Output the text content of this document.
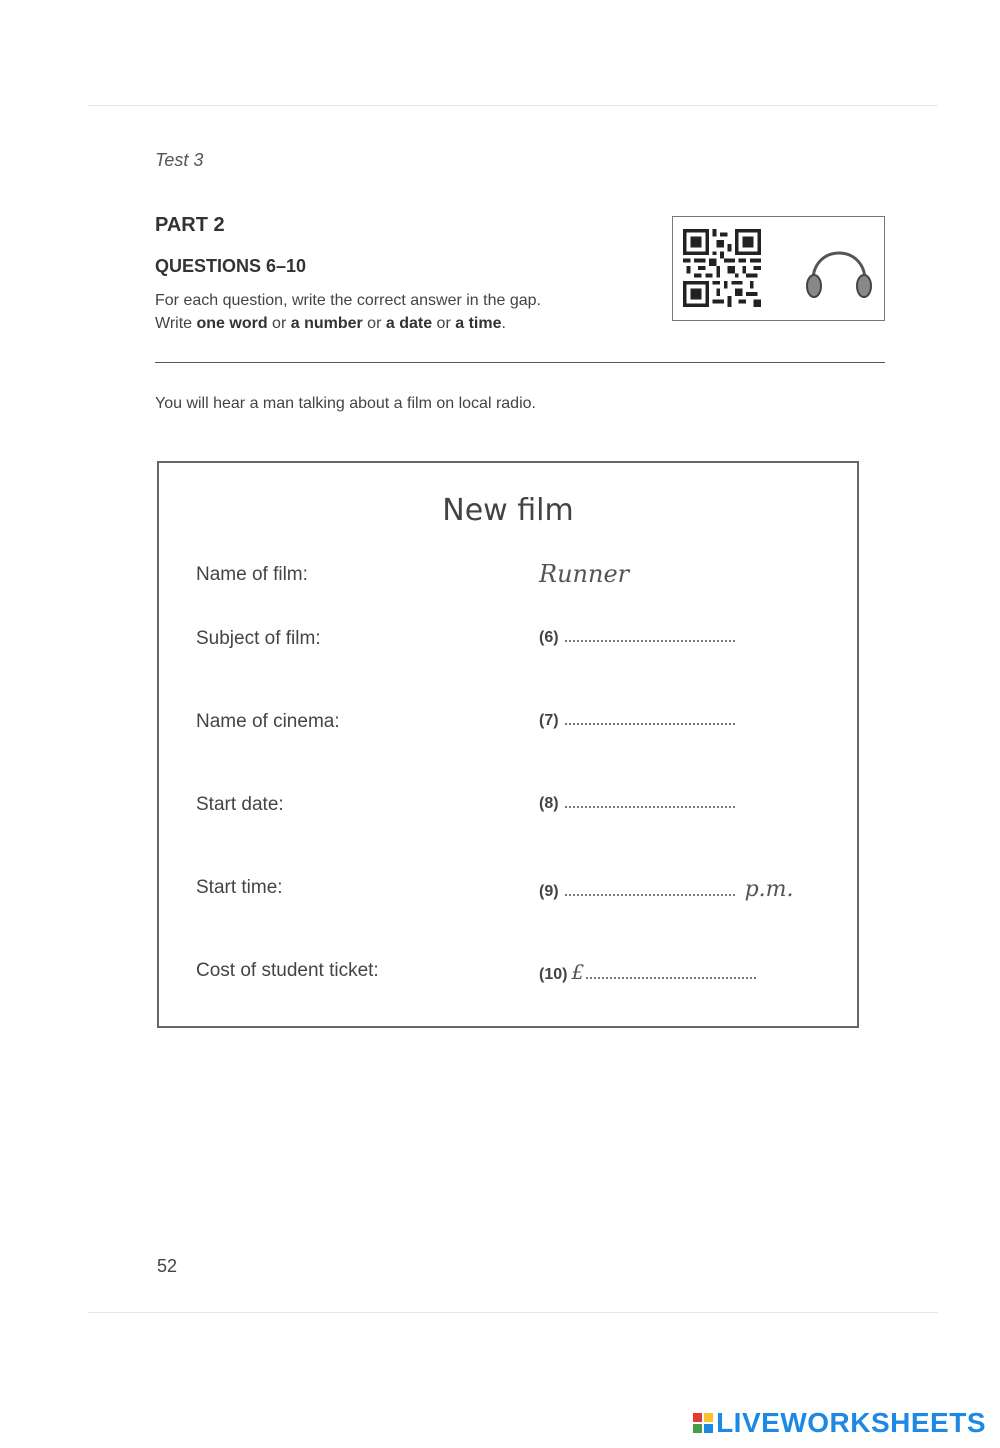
Test 3
PART 2
QUESTIONS 6–10
For each question, write the correct answer in the gap.
Write one word or a number or a date or a time.
You will hear a man talking about a film on local radio.
New film
Name of film:	Runner
Subject of film:	(6)
Name of cinema:	(7)
Start date:	(8)
Start time:	(9)	p.m.
Cost of student ticket:	(10) £
52
LIVEWORKSHEETS
